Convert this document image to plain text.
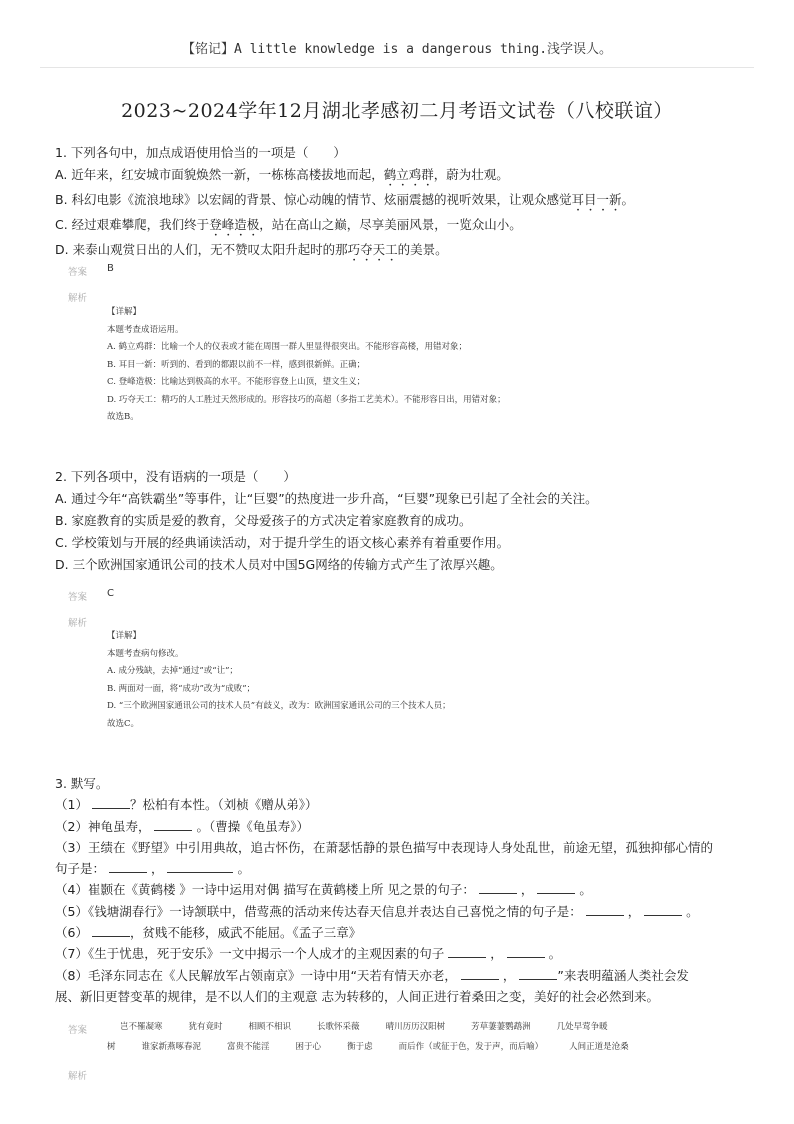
【铭记】A little knowledge is a dangerous thing.浅学误人。
2023~2024学年12月湖北孝感初二月考语文试卷（八校联谊）

1. 下列各句中，加点成语使用恰当的一项是（　　）

A. 近年来，红安城市面貌焕然一新，一栋栋高楼拔地而起，鹤立鸡群，蔚为壮观。

B. 科幻电影《流浪地球》以宏阔的背景、惊心动魄的情节、炫丽震撼的视听效果，让观众感觉耳目一新。

C. 经过艰难攀爬，我们终于登峰造极，站在高山之巅，尽享美丽风景，一览众山小。

D. 来泰山观赏日出的人们，无不赞叹太阳升起时的那巧夺天工的美景。

答案 B
解析

【详解】

本题考查成语运用。

A. 鹤立鸡群：比喻一个人的仪表或才能在周围一群人里显得很突出。不能形容高楼，用错对象；

B. 耳目一新：听到的、看到的都跟以前不一样，感到很新鲜。正确；

C. 登峰造极：比喻达到极高的水平。不能形容登上山顶，望文生义；

D. 巧夺天工：精巧的人工胜过天然形成的。形容技巧的高超（多指工艺美术）。不能形容日出，用错对象；

故选B。

2. 下列各项中，没有语病的一项是（　　）

A. 通过今年“高铁霸坐”等事件，让“巨婴”的热度进一步升高，“巨婴”现象已引起了全社会的关注。

B. 家庭教育的实质是爱的教育，父母爱孩子的方式决定着家庭教育的成功。

C. 学校策划与开展的经典诵读活动，对于提升学生的语文核心素养有着重要作用。

D. 三个欧洲国家通讯公司的技术人员对中国5G网络的传输方式产生了浓厚兴趣。

答案 C
解析

【详解】

本题考查病句修改。

A. 成分残缺，去掉“通过”或“让”；

B. 两面对一面，将“成功”改为“成败”；

D. “三个欧洲国家通讯公司的技术人员”有歧义，改为：欧洲国家通讯公司的三个技术人员；

故选C。

3. 默写。

（1）	？松柏有本性。（刘桢《赠从弟》）

（2）神龟虽寿，	。（曹操《龟虽寿》）

（3）王绩在《野望》中引用典故，追古怀伤，在萧瑟恬静的景色描写中表现诗人身处乱世，前途无望，孤独抑郁心情的

句子是：	，	。

（4）崔颢在《黄鹤楼 》一诗中运用对偶 描写在黄鹤楼上所 见之景的句子：	，	。

（5）《钱塘湖春行》一诗颔联中，借莺燕的活动来传达春天信息并表达自己喜悦之情的句子是：	，	。

（6）	，贫贱不能移，威武不能屈。《孟子三章》

（7）《生于忧患，死于安乐》一文中揭示一个人成才的主观因素的句子	，	。

（8）毛泽东同志在《人民解放军占领南京》一诗中用“天若有情天亦老，	，	”来表明蕴涵人类社会发

展、新旧更替变革的规律，是不以人们的主观意 志为转移的，人间正进行着桑田之变，美好的社会必然到来。

答案	岂不罹凝寒	犹有竟时	相顾不相识	长歌怀采薇	晴川历历汉阳树	芳草萋萋鹦鹉洲	几处早莺争暖
树	谁家新燕啄春泥	富贵不能淫	困于心	衡于虑	而后作（或征于色，发于声，而后喻）	人间正道是沧桑
解析
